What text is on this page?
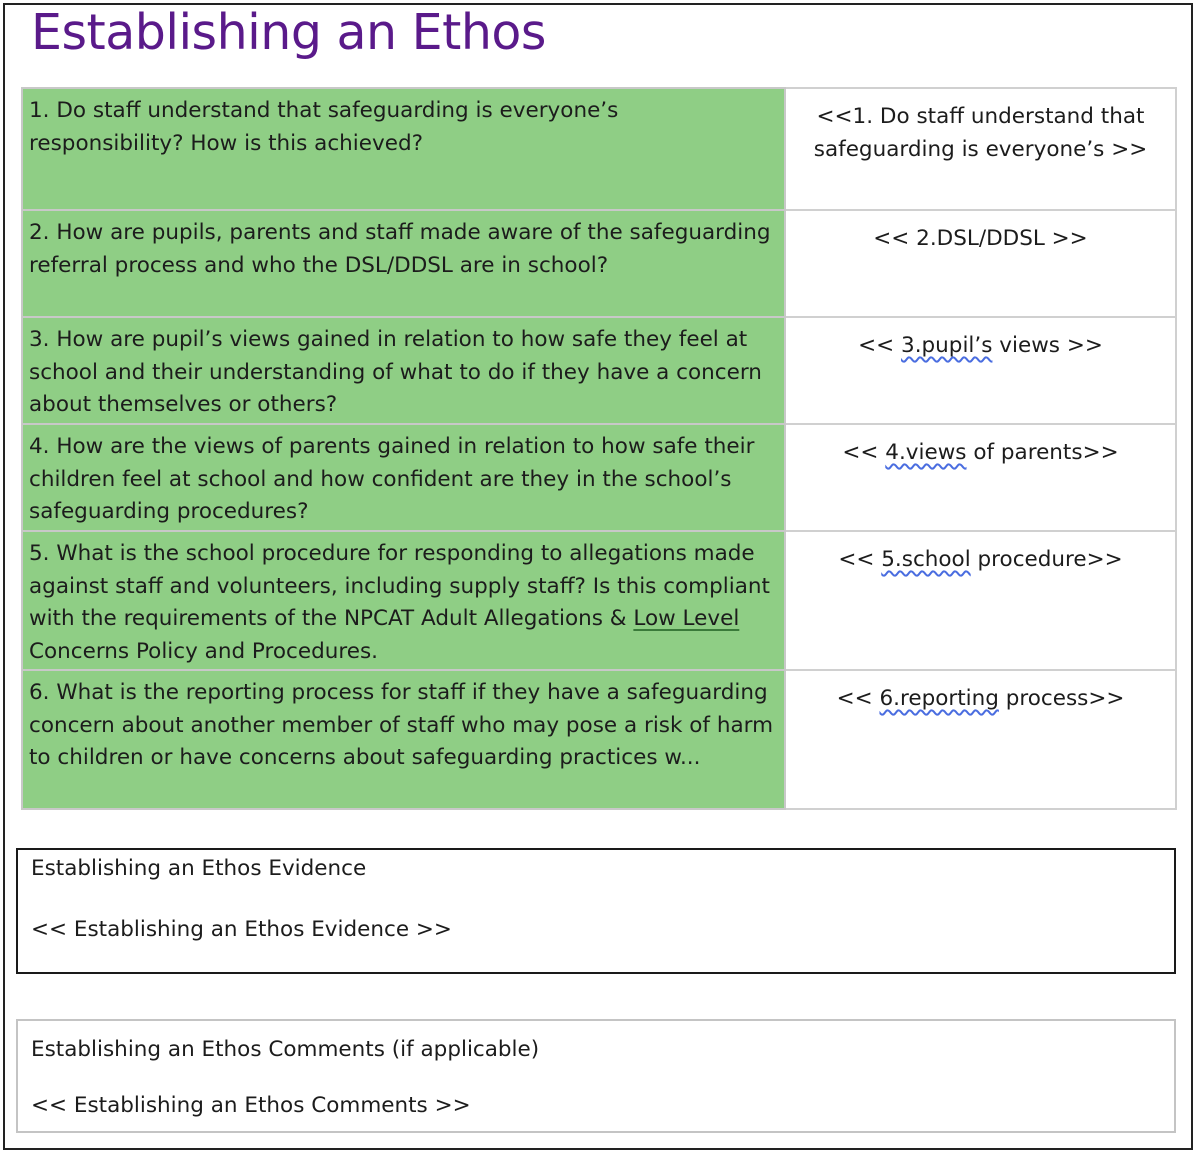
Establishing an Ethos
1. Do staff understand that safeguarding is everyone’s responsibility? How is this achieved?	<<1. Do staff understand that safeguarding is everyone’s >>
2. How are pupils, parents and staff made aware of the safeguarding referral process and who the DSL/DDSL are in school?	<< 2.DSL/DDSL >>
3. How are pupil’s views gained in relation to how safe they feel at school and their understanding of what to do if they have a concern about themselves or others?	<< 3.pupil’s views >>
4. How are the views of parents gained in relation to how safe their children feel at school and how confident are they in the school’s safeguarding procedures?	<< 4.views of parents>>
5. What is the school procedure for responding to allegations made against staff and volunteers, including supply staff? Is this compliant with the requirements of the NPCAT Adult Allegations & Low Level Concerns Policy and Procedures.	<< 5.school procedure>>
6. What is the reporting process for staff if they have a safeguarding concern about another member of staff who may pose a risk of harm to children or have concerns about safeguarding practices w...	<< 6.reporting process>>
Establishing an Ethos Evidence
<< Establishing an Ethos Evidence >>
Establishing an Ethos Comments (if applicable)
<< Establishing an Ethos Comments >>
